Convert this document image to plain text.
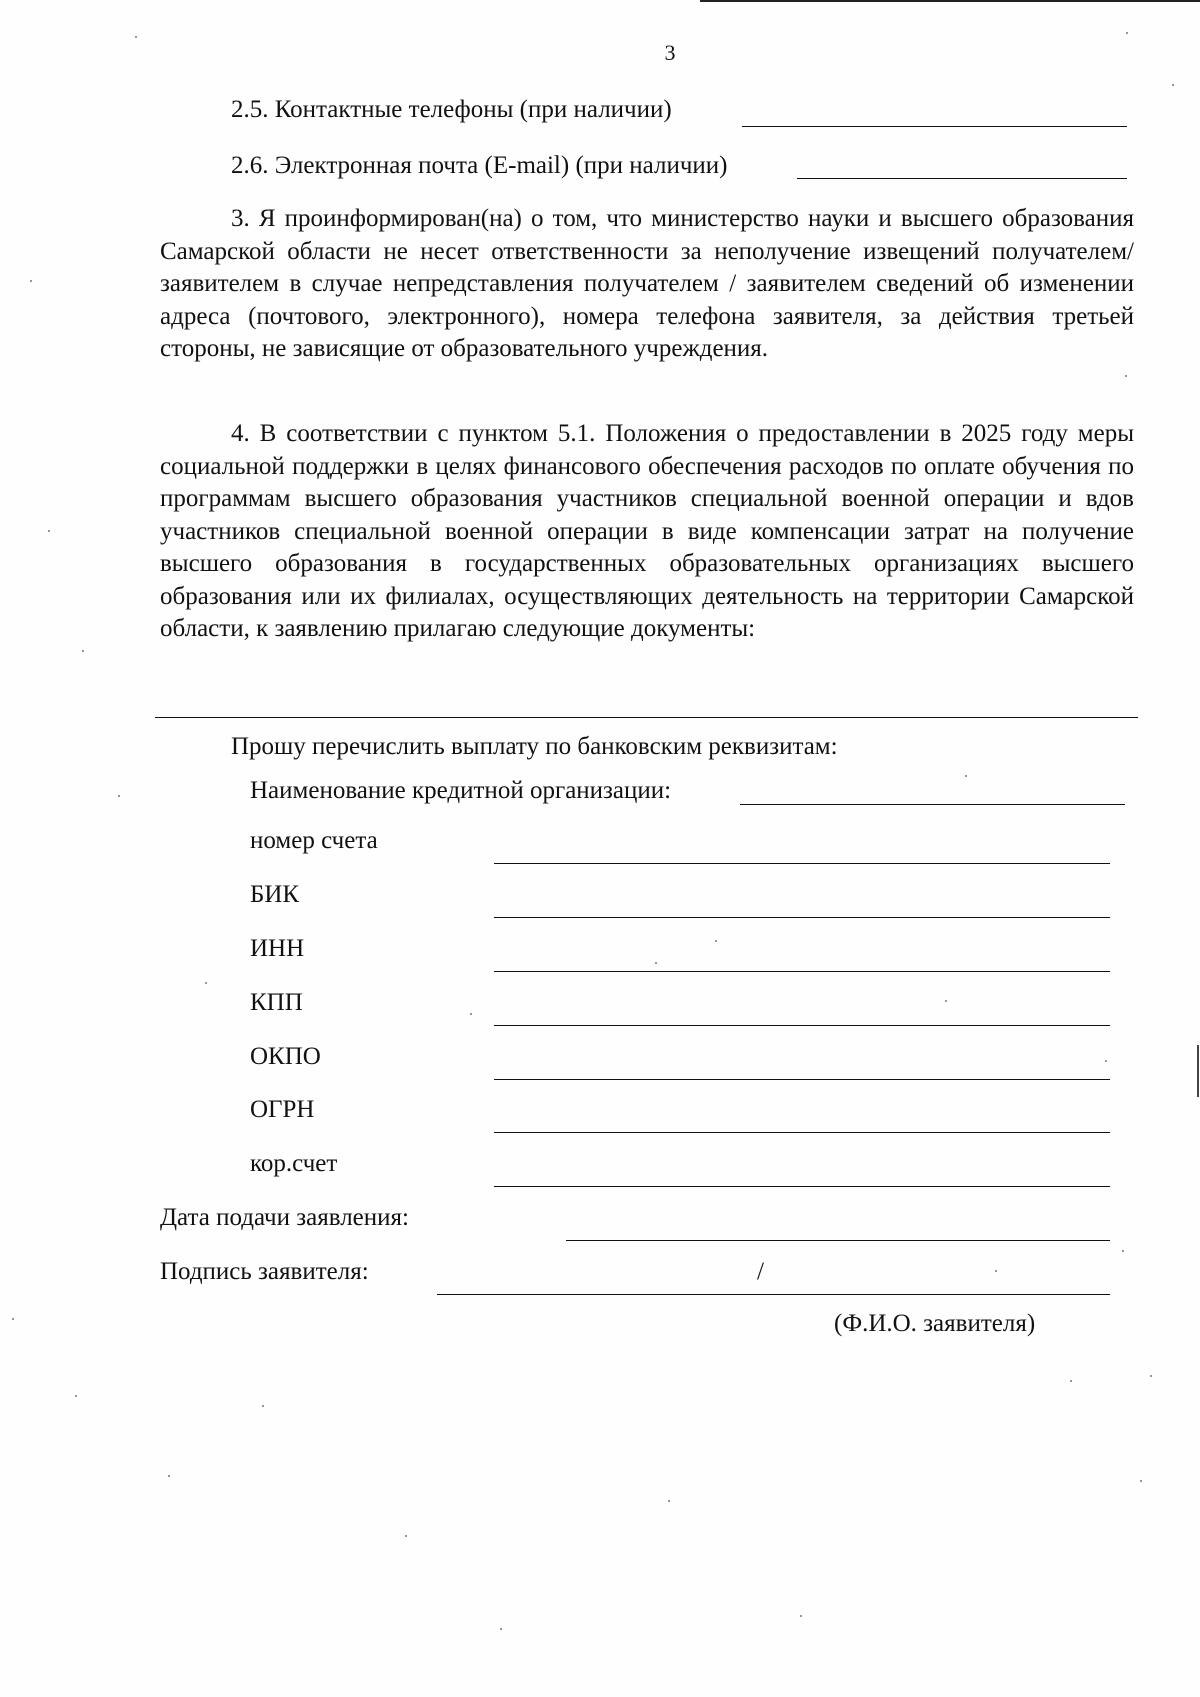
3
2.5. Контактные телефоны (при наличии)
2.6. Электронная почта (E-mail) (при наличии)

3. Я проинформирован(на) о том, что министерство науки и высшего образования Самарской области не несет ответственности за неполучение извещений получателем/ заявителем в случае непредставления получателем / заявителем сведений об изменении адреса (почтового, электронного), номера телефона заявителя, за действия третьей стороны, не зависящие от образовательного учреждения.

4. В соответствии с пунктом 5.1. Положения о предоставлении в 2025 году меры социальной поддержки в целях финансового обеспечения расходов по оплате обучения по программам высшего образования участников специальной военной операции и вдов участников специальной военной операции в виде компенсации затрат на получение высшего образования в государственных образовательных организациях высшего образования или их филиалах, осуществляющих деятельность на территории Самарской области, к заявлению прилагаю следующие документы:

Прошу перечислить выплату по банковским реквизитам:
Наименование кредитной организации:
номер счета
БИК
ИНН
КПП
ОКПО
ОГРН
кор.счет
Дата подачи заявления:
Подпись заявителя:	/
(Ф.И.О. заявителя)
